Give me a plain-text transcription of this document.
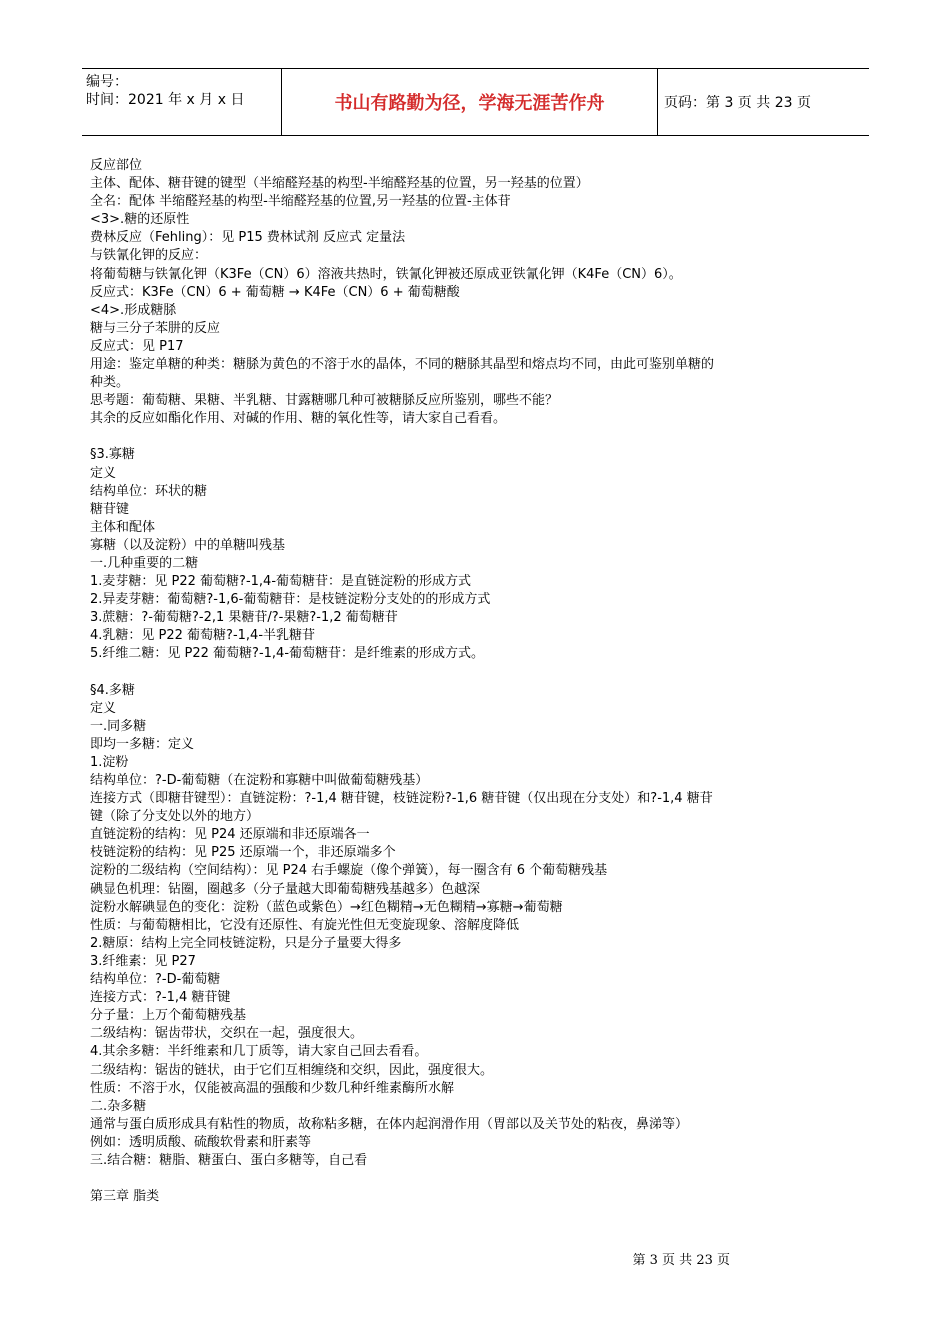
编号：
时间：2021 年 x 月 x 日	书山有路勤为径，学海无涯苦作舟	页码：第 3 页 共 23 页

反应部位

主体、配体、糖苷键的键型（半缩醛羟基的构型-半缩醛羟基的位置，另一羟基的位置）

全名：配体 半缩醛羟基的构型-半缩醛羟基的位置,另一羟基的位置-主体苷

<3>.糖的还原性

费林反应（Fehling）：见 P15 费林试剂 反应式 定量法

与铁氰化钾的反应：

将葡萄糖与铁氰化钾（K3Fe（CN）6）溶液共热时，铁氰化钾被还原成亚铁氰化钾（K4Fe（CN）6）。

反应式：K3Fe（CN）6 + 葡萄糖 → K4Fe（CN）6 + 葡萄糖酸

<4>.形成糖脎

糖与三分子苯肼的反应

反应式：见 P17

用途：鉴定单糖的种类：糖脎为黄色的不溶于水的晶体，不同的糖脎其晶型和熔点均不同，由此可鉴别单糖的

种类。

思考题：葡萄糖、果糖、半乳糖、甘露糖哪几种可被糖脎反应所鉴别，哪些不能？

其余的反应如酯化作用、对碱的作用、糖的氧化性等，请大家自己看看。

§3.寡糖

定义

结构单位：环状的糖

糖苷键

主体和配体

寡糖（以及淀粉）中的单糖叫残基

一.几种重要的二糖

1.麦芽糖：见 P22 葡萄糖?-1,4-葡萄糖苷：是直链淀粉的形成方式

2.异麦芽糖：葡萄糖?-1,6-葡萄糖苷：是枝链淀粉分支处的的形成方式

3.蔗糖：?-葡萄糖?-2,1 果糖苷/?-果糖?-1,2 葡萄糖苷

4.乳糖：见 P22 葡萄糖?-1,4-半乳糖苷

5.纤维二糖：见 P22 葡萄糖?-1,4-葡萄糖苷：是纤维素的形成方式。

§4.多糖

定义

一.同多糖

即均一多糖：定义

1.淀粉

结构单位：?-D-葡萄糖（在淀粉和寡糖中叫做葡萄糖残基）

连接方式（即糖苷键型）：直链淀粉：?-1,4 糖苷键，枝链淀粉?-1,6 糖苷键（仅出现在分支处）和?-1,4 糖苷

键（除了分支处以外的地方）

直链淀粉的结构：见 P24 还原端和非还原端各一

枝链淀粉的结构：见 P25 还原端一个，非还原端多个

淀粉的二级结构（空间结构）：见 P24 右手螺旋（像个弹簧），每一圈含有 6 个葡萄糖残基

碘显色机理：钻圈，圈越多（分子量越大即葡萄糖残基越多）色越深

淀粉水解碘显色的变化：淀粉（蓝色或紫色）→红色糊精→无色糊精→寡糖→葡萄糖

性质：与葡萄糖相比，它没有还原性、有旋光性但无变旋现象、溶解度降低

2.糖原：结构上完全同枝链淀粉，只是分子量要大得多

3.纤维素：见 P27

结构单位：?-D-葡萄糖

连接方式：?-1,4 糖苷键

分子量：上万个葡萄糖残基

二级结构：锯齿带状，交织在一起，强度很大。

4.其余多糖：半纤维素和几丁质等，请大家自己回去看看。

二级结构：锯齿的链状，由于它们互相缠绕和交织，因此，强度很大。

性质：不溶于水，仅能被高温的强酸和少数几种纤维素酶所水解

二.杂多糖

通常与蛋白质形成具有粘性的物质，故称粘多糖，在体内起润滑作用（胃部以及关节处的粘夜，鼻涕等）

例如：透明质酸、硫酸软骨素和肝素等

三.结合糖：糖脂、糖蛋白、蛋白多糖等，自己看

第三章 脂类

第 3 页 共 23 页
